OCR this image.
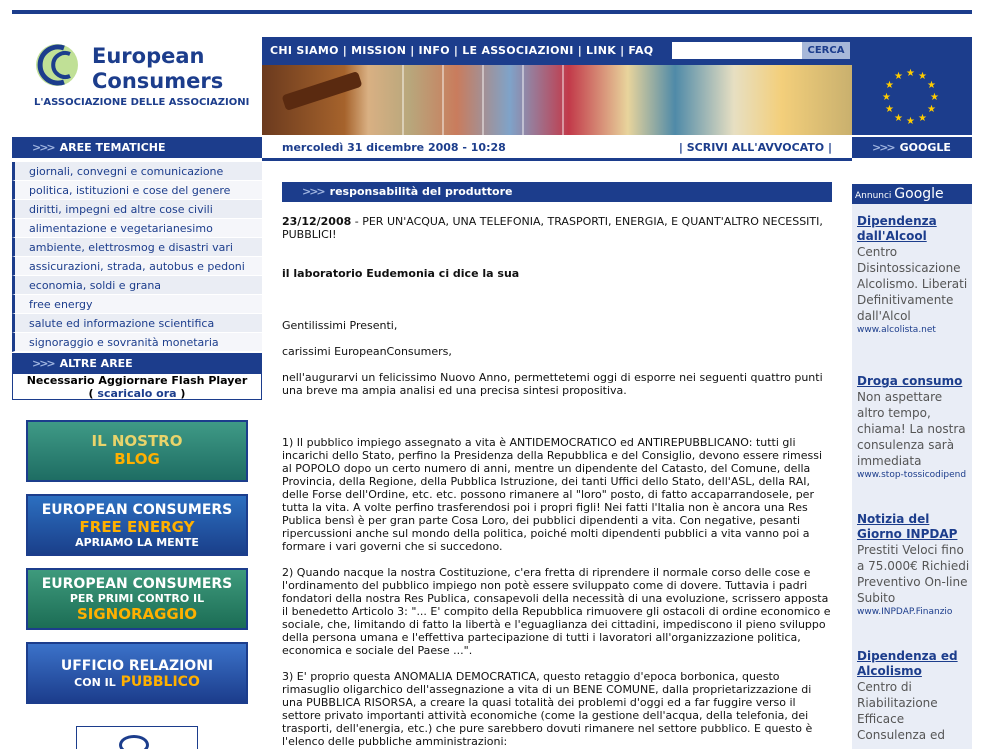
European
Consumers
L'ASSOCIAZIONE DELLE ASSOCIAZIONI
CHI SIAMO | MISSION | INFO | LE ASSOCIAZIONI | LINK | FAQ	CERCA
★ ★
★
★
★
★
★
★
★
★
★
★
>>> AREE TEMATICHE	mercoledì 31 dicembre 2008 - 10:28	| SCRIVI ALL'AVVOCATO |	>>> GOOGLE
giornali, convegni e comunicazione
politica, istituzioni e cose del genere
diritti, impegni ed altre cose civili
alimentazione e vegetarianesimo
ambiente, elettrosmog e disastri vari
assicurazioni, strada, autobus e pedoni
economia, soldi e grana
free energy
salute ed informazione scientifica
signoraggio e sovranità monetaria
>>> ALTRE AREE
Necessario Aggiornare Flash Player
( scaricalo ora )
IL NOSTRO
BLOG
EUROPEAN CONSUMERS
FREE ENERGY
APRIAMO LA MENTE
EUROPEAN CONSUMERS
PER PRIMI CONTRO IL
SIGNORAGGIO
UFFICIO RELAZIONI
CON IL PUBBLICO
>>> responsabilità del produttore

23/12/2008 - PER UN'ACQUA, UNA TELEFONIA, TRASPORTI, ENERGIA, E QUANT'ALTRO NECESSITI, PUBBLICI!

il laboratorio Eudemonia ci dice la sua

Gentilissimi Presenti,

carissimi EuropeanConsumers,

nell'augurarvi un felicissimo Nuovo Anno, permettetemi oggi di esporre nei seguenti quattro punti una breve ma ampia analisi ed una precisa sintesi propositiva.

1) Il pubblico impiego assegnato a vita è ANTIDEMOCRATICO ed ANTIREPUBBLICANO: tutti gli incarichi dello Stato, perfino la Presidenza della Repubblica e del Consiglio, devono essere rimessi al POPOLO dopo un certo numero di anni, mentre un dipendente del Catasto, del Comune, della Provincia, della Regione, della Pubblica Istruzione, dei tanti Uffici dello Stato, dell'ASL, della RAI, delle Forse dell'Ordine, etc. etc. possono rimanere al "loro" posto, di fatto accaparrandosele, per tutta la vita. A volte perfino trasferendosi poi i propri figli! Nei fatti l'Italia non è ancora una Res Publica bensì è per gran parte Cosa Loro, dei pubblici dipendenti a vita. Con negative, pesanti ripercussioni anche sul mondo della politica, poiché molti dipendenti pubblici a vita vanno poi a formare i vari governi che si succedono.

2) Quando nacque la nostra Costituzione, c'era fretta di riprendere il normale corso delle cose e l'ordinamento del pubblico impiego non potè essere sviluppato come di dovere. Tuttavia i padri fondatori della nostra Res Publica, consapevoli della necessità di una evoluzione, scrissero apposta il benedetto Articolo 3: "... E' compito della Repubblica rimuovere gli ostacoli di ordine economico e sociale, che, limitando di fatto la libertà e l'eguaglianza dei cittadini, impediscono il pieno sviluppo della persona umana e l'effettiva partecipazione di tutti i lavoratori all'organizzazione politica, economica e sociale del Paese ...".

3) E' proprio questa ANOMALIA DEMOCRATICA, questo retaggio d'epoca borbonica, questo rimasuglio oligarchico dell'assegnazione a vita di un BENE COMUNE, dalla proprietarizzazione di una PUBBLICA RISORSA, a creare la quasi totalità dei problemi d'oggi ed a far fuggire verso il settore privato importanti attività economiche (come la gestione dell'acqua, della telefonia, dei trasporti, dell'energia, etc.) che pure sarebbero dovuti rimanere nel settore pubblico. E questo è l'elenco delle pubbliche amministrazioni:

Annunci Google
Dipendenza dall'Alcool
Centro Disintossicazione Alcolismo. Liberati Definitivamente dall'Alcol
www.alcolista.net
Droga consumo
Non aspettare altro tempo, chiama! La nostra consulenza sarà immediata
www.stop-tossicodipend
Notizia del Giorno INPDAP
Prestiti Veloci fino a 75.000€ Richiedi Preventivo On-line Subito
www.INPDAP.Finanzio
Dipendenza ed Alcolismo
Centro di Riabilitazione Efficace Consulenza ed
